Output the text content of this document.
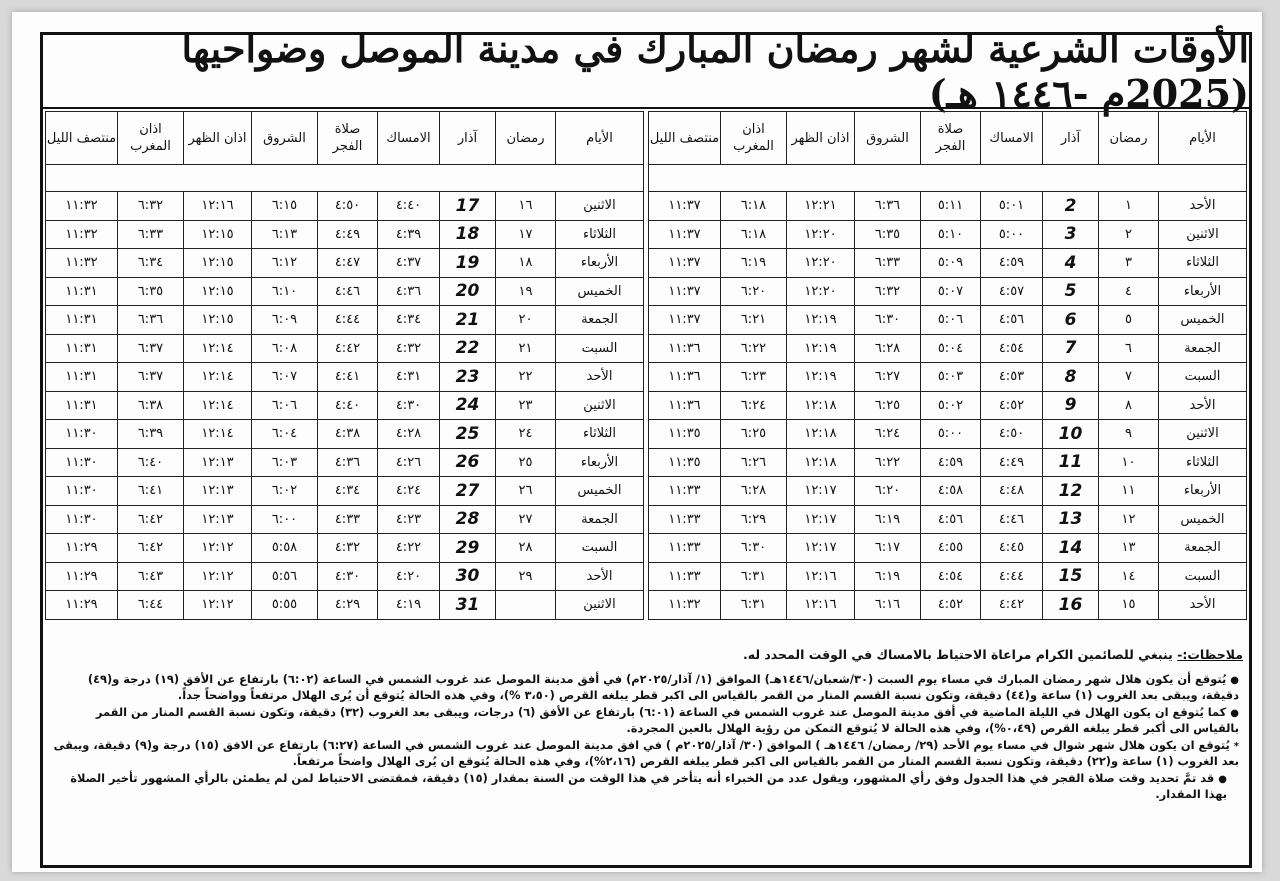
الأوقات الشرعية لشهر رمضان المبارك في مدينة الموصل وضواحيها (2025م -١٤٤٦ هـ)
الأيام	رمضان	آذار	الامساك	صلاة الفجر	الشروق	اذان الظهر	اذان المغرب	منتصف الليل

الأحد	١	2	٥:٠١	٥:١١	٦:٣٦	١٢:٢١	٦:١٨	١١:٣٧
الاثنين	٢	3	٥:٠٠	٥:١٠	٦:٣٥	١٢:٢٠	٦:١٨	١١:٣٧
الثلاثاء	٣	4	٤:٥٩	٥:٠٩	٦:٣٣	١٢:٢٠	٦:١٩	١١:٣٧
الأربعاء	٤	5	٤:٥٧	٥:٠٧	٦:٣٢	١٢:٢٠	٦:٢٠	١١:٣٧
الخميس	٥	6	٤:٥٦	٥:٠٦	٦:٣٠	١٢:١٩	٦:٢١	١١:٣٧
الجمعة	٦	7	٤:٥٤	٥:٠٤	٦:٢٨	١٢:١٩	٦:٢٢	١١:٣٦
السبت	٧	8	٤:٥٣	٥:٠٣	٦:٢٧	١٢:١٩	٦:٢٣	١١:٣٦
الأحد	٨	9	٤:٥٢	٥:٠٢	٦:٢٥	١٢:١٨	٦:٢٤	١١:٣٦
الاثنين	٩	10	٤:٥٠	٥:٠٠	٦:٢٤	١٢:١٨	٦:٢٥	١١:٣٥
الثلاثاء	١٠	11	٤:٤٩	٤:٥٩	٦:٢٢	١٢:١٨	٦:٢٦	١١:٣٥
الأربعاء	١١	12	٤:٤٨	٤:٥٨	٦:٢٠	١٢:١٧	٦:٢٨	١١:٣٣
الخميس	١٢	13	٤:٤٦	٤:٥٦	٦:١٩	١٢:١٧	٦:٢٩	١١:٣٣
الجمعة	١٣	14	٤:٤٥	٤:٥٥	٦:١٧	١٢:١٧	٦:٣٠	١١:٣٣
السبت	١٤	15	٤:٤٤	٤:٥٤	٦:١٩	١٢:١٦	٦:٣١	١١:٣٣
الأحد	١٥	16	٤:٤٢	٤:٥٢	٦:١٦	١٢:١٦	٦:٣١	١١:٣٢
الأيام	رمضان	آذار	الامساك	صلاة الفجر	الشروق	اذان الظهر	اذان المغرب	منتصف الليل

الاثنين	١٦	17	٤:٤٠	٤:٥٠	٦:١٥	١٢:١٦	٦:٣٢	١١:٣٢
الثلاثاء	١٧	18	٤:٣٩	٤:٤٩	٦:١٣	١٢:١٥	٦:٣٣	١١:٣٢
الأربعاء	١٨	19	٤:٣٧	٤:٤٧	٦:١٢	١٢:١٥	٦:٣٤	١١:٣٢
الخميس	١٩	20	٤:٣٦	٤:٤٦	٦:١٠	١٢:١٥	٦:٣٥	١١:٣١
الجمعة	٢٠	21	٤:٣٤	٤:٤٤	٦:٠٩	١٢:١٥	٦:٣٦	١١:٣١
السبت	٢١	22	٤:٣٢	٤:٤٢	٦:٠٨	١٢:١٤	٦:٣٧	١١:٣١
الأحد	٢٢	23	٤:٣١	٤:٤١	٦:٠٧	١٢:١٤	٦:٣٧	١١:٣١
الاثنين	٢٣	24	٤:٣٠	٤:٤٠	٦:٠٦	١٢:١٤	٦:٣٨	١١:٣١
الثلاثاء	٢٤	25	٤:٢٨	٤:٣٨	٦:٠٤	١٢:١٤	٦:٣٩	١١:٣٠
الأربعاء	٢٥	26	٤:٢٦	٤:٣٦	٦:٠٣	١٢:١٣	٦:٤٠	١١:٣٠
الخميس	٢٦	27	٤:٢٤	٤:٣٤	٦:٠٢	١٢:١٣	٦:٤١	١١:٣٠
الجمعة	٢٧	28	٤:٢٣	٤:٣٣	٦:٠٠	١٢:١٣	٦:٤٢	١١:٣٠
السبت	٢٨	29	٤:٢٢	٤:٣٢	٥:٥٨	١٢:١٢	٦:٤٢	١١:٢٩
الأحد	٢٩	30	٤:٢٠	٤:٣٠	٥:٥٦	١٢:١٢	٦:٤٣	١١:٢٩
الاثنين		31	٤:١٩	٤:٢٩	٥:٥٥	١٢:١٢	٦:٤٤	١١:٢٩
ملاحظات:- ينبغي للصائمين الكرام مراعاة الاحتياط بالامساك في الوقت المحدد له.
●يُتوقع أن يكون هلال شهر رمضان المبارك في مساء يوم السبت (٣٠/شعبان/١٤٤٦هـ) الموافق (١/ آذار/٢٠٢٥م) في أفق مدينة الموصل عند غروب الشمس في الساعة (٦:٠٢) بارتفاع عن الأفق (١٩) درجة و(٤٩) دقيقة، ويبقى بعد الغروب (١) ساعة و(٤٤) دقيقة، وتكون نسبة القسم المنار من القمر بالقياس الى اكبر قطر يبلغه القرص (٣،٥٠ %)، وفي هذه الحالة يُتوقع أن يُرى الهلال مرتفعاً وواضحاً جداً.
●كما يُتوقع ان يكون الهلال في الليلة الماضية في أفق مدينة الموصل عند غروب الشمس في الساعة (٦:٠١) بارتفاع عن الأفق (٦) درجات، ويبقى بعد الغروب (٣٢) دقيقة، وتكون نسبة القسم المنار من القمر بالقياس الى أكبر قطر يبلغه القرص (٠،٤٩%)، وفي هذه الحالة لا يُتوقع التمكن من رؤية الهلال بالعين المجردة.
*يُتوقع ان يكون هلال شهر شوال في مساء يوم الأحد (٢٩/ رمضان/ ١٤٤٦هـ ) الموافق (٣٠/ آذار/٢٠٢٥م ) في افق مدينة الموصل عند غروب الشمس في الساعة (٦:٢٧) بارتفاع عن الافق (١٥) درجة و(٩) دقيقة، ويبقى بعد الغروب (١) ساعة و(٢٢) دقيقة، وتكون نسبة القسم المنار من القمر بالقياس الى اكبر قطر يبلغه القرص (٢،١٦%)، وفي هذه الحالة يُتوقع ان يُرى الهلال واضحاً مرتفعاً.
●قد تمَّ تحديد وقت صلاة الفجر في هذا الجدول وفق رأي المشهور، ويقول عدد من الخبراء أنه يتأخر في هذا الوقت من السنة بمقدار (١٥) دقيقة، فمقتضى الاحتياط لمن لم يطمئن بالرأي المشهور تأخير الصلاة بهذا المقدار.
